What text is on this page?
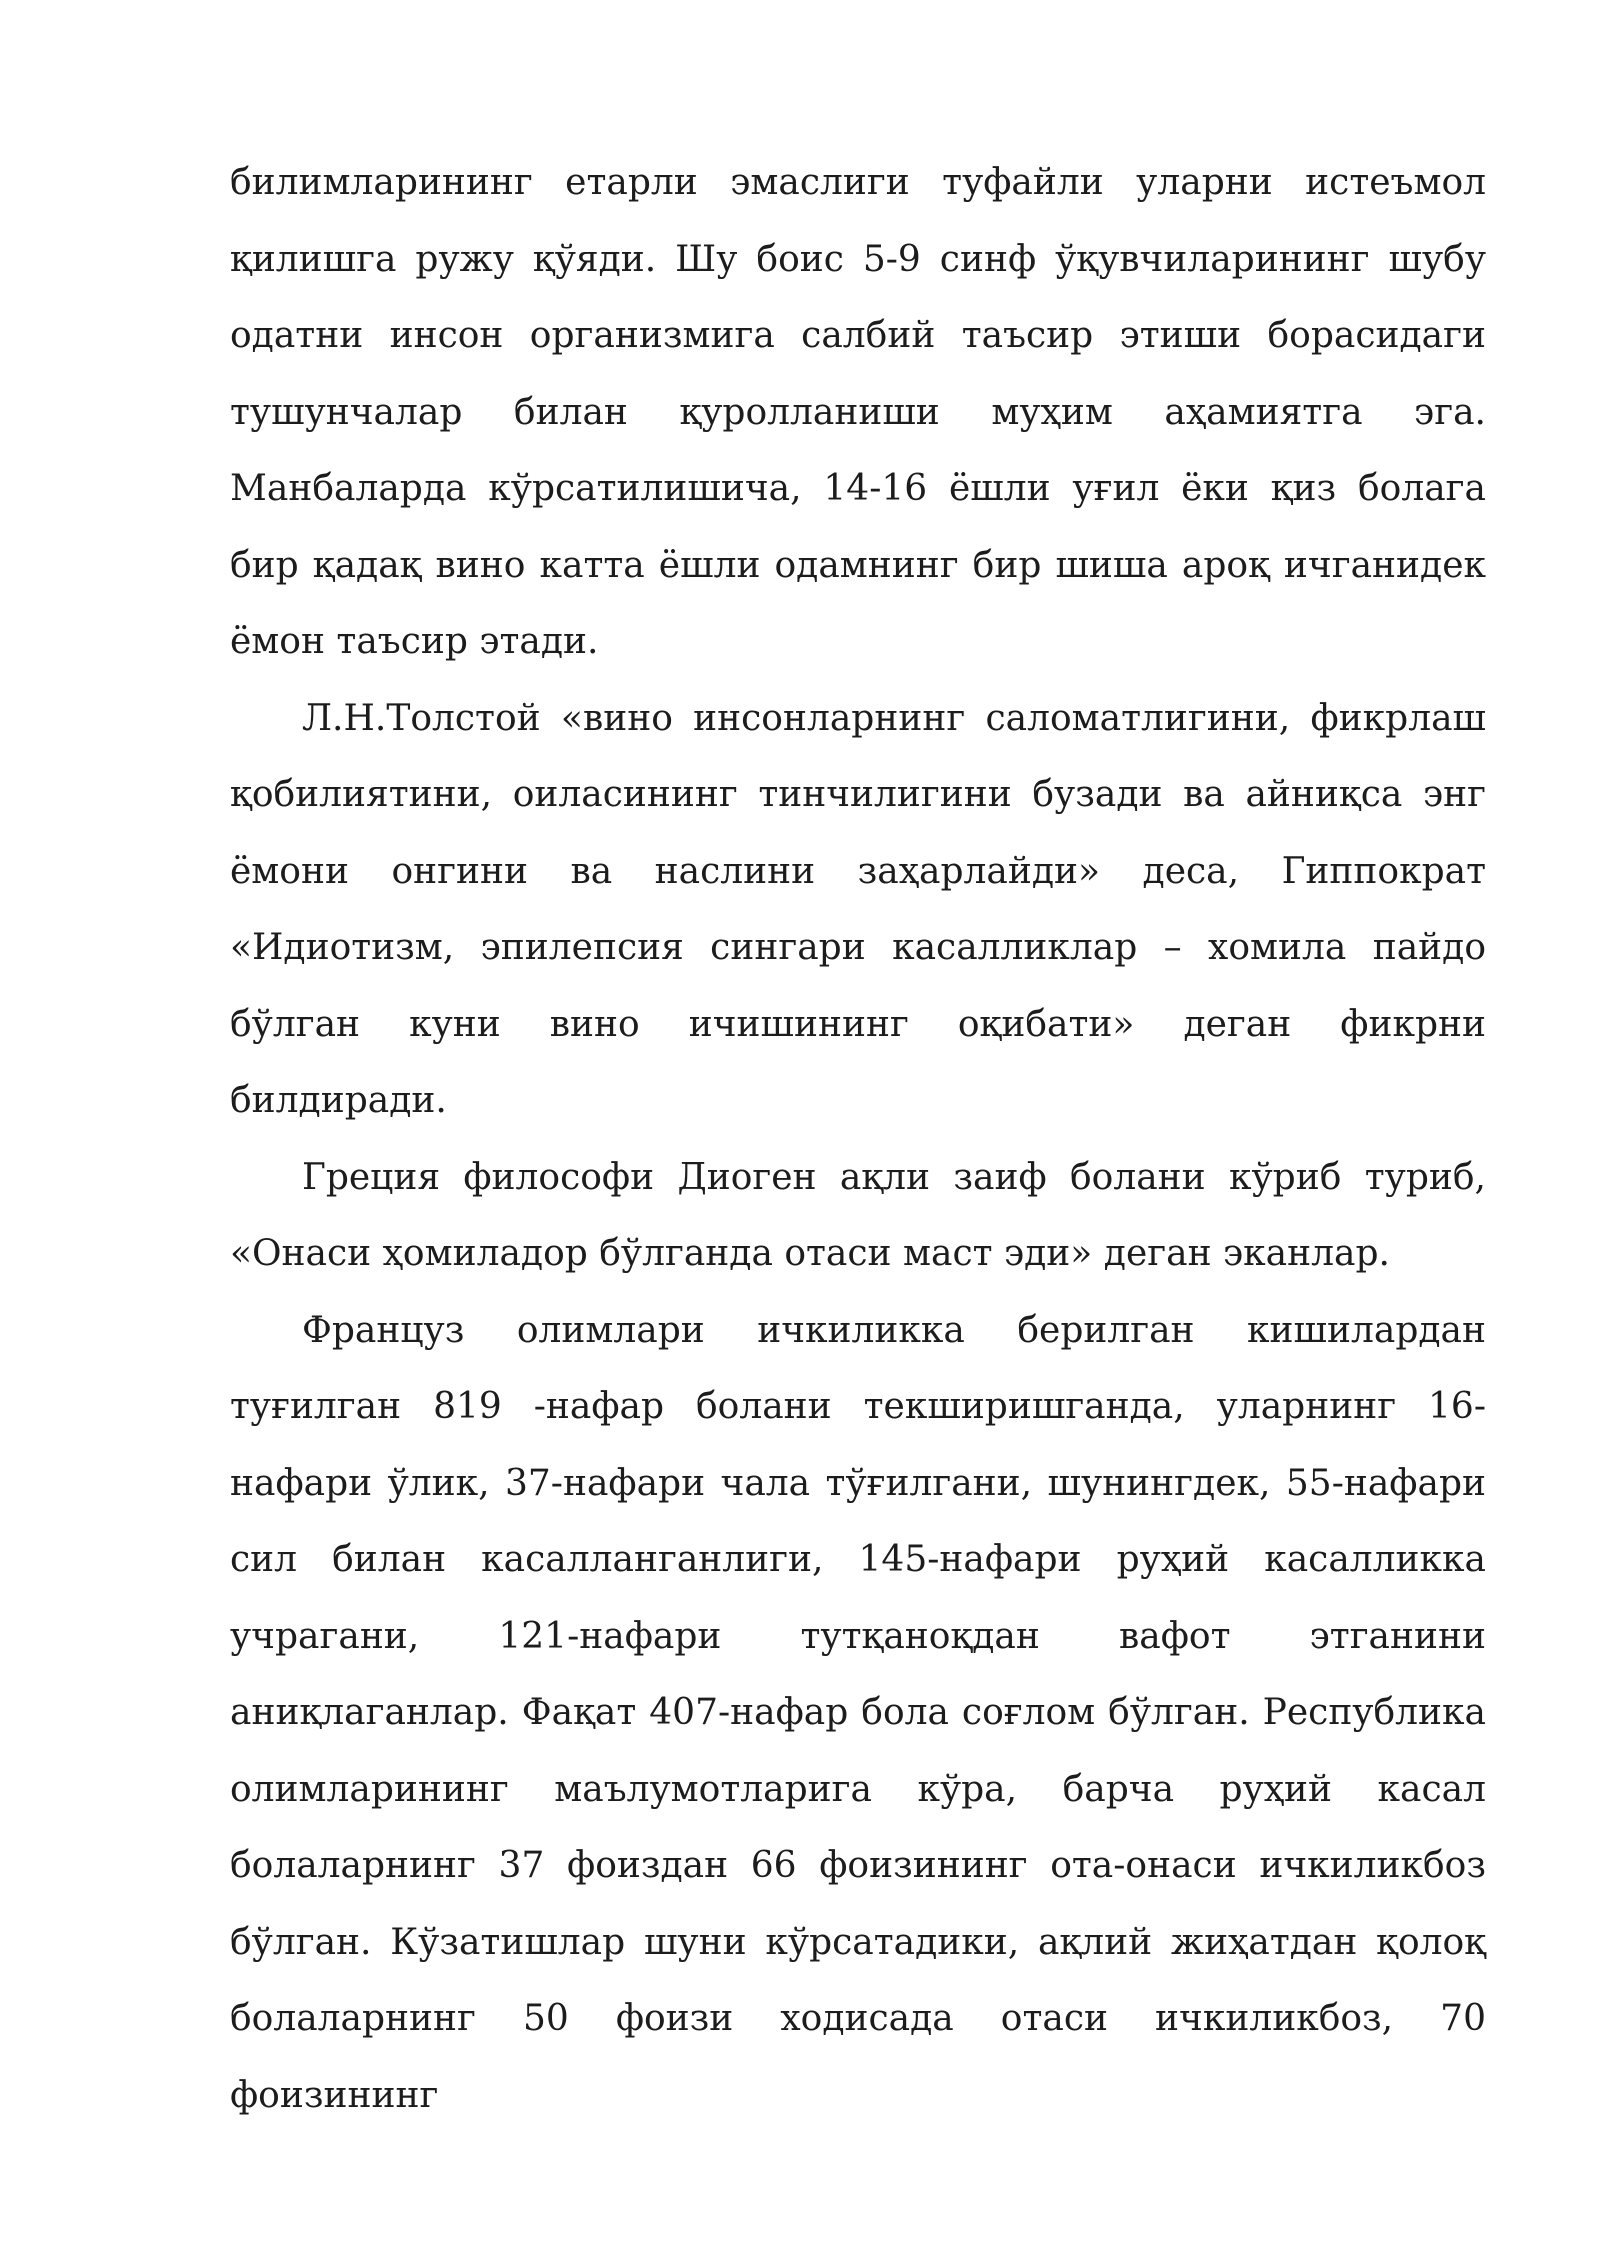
билимларининг етарли эмаслиги туфайли уларни истеъмол қилишга ружу қўяди. Шу боис 5-9 синф ўқувчиларининг шубу одатни инсон организмига салбий таъсир этиши борасидаги тушунчалар билан қуролланиши муҳим аҳамиятга эга. Манбаларда кўрсатилишича, 14-16 ёшли уғил ёки қиз болага бир қадақ вино катта ёшли одамнинг бир шиша ароқ ичганидек ёмон таъсир этади.

Л.Н.Толстой «вино инсонларнинг саломатлигини, фикрлаш қобилиятини, оиласининг тинчилигини бузади ва айниқса энг ёмони онгини ва наслини заҳарлайди» деса, Гиппократ «Идиотизм, эпилепсия сингари касалликлар – хомила пайдо бўлган куни вино ичишининг оқибати» деган фикрни билдиради.

Греция философи Диоген ақли заиф болани кўриб туриб, «Онаси ҳомиладор бўлганда отаси маст эди» деган эканлар.

Француз олимлари ичкиликка берилган кишилардан туғилган 819 -нафар болани текширишганда, уларнинг 16-нафари ўлик, 37-нафари чала тўғилгани, шунингдек, 55-нафари сил билан касалланганлиги, 145-нафари руҳий касалликка учрагани, 121-нафари тутқаноқдан вафот этганини аниқлаганлар. Фақат 407-нафар бола соғлом бўлган. Республика олимларининг маълумотларига кўра, барча руҳий касал болаларнинг 37 фоиздан 66 фоизининг ота-онаси ичкиликбоз бўлган. Кўзатишлар шуни кўрсатадики, ақлий жиҳатдан қолоқ болаларнинг 50 фоизи ходисада отаси ичкиликбоз, 70 фоизининг
